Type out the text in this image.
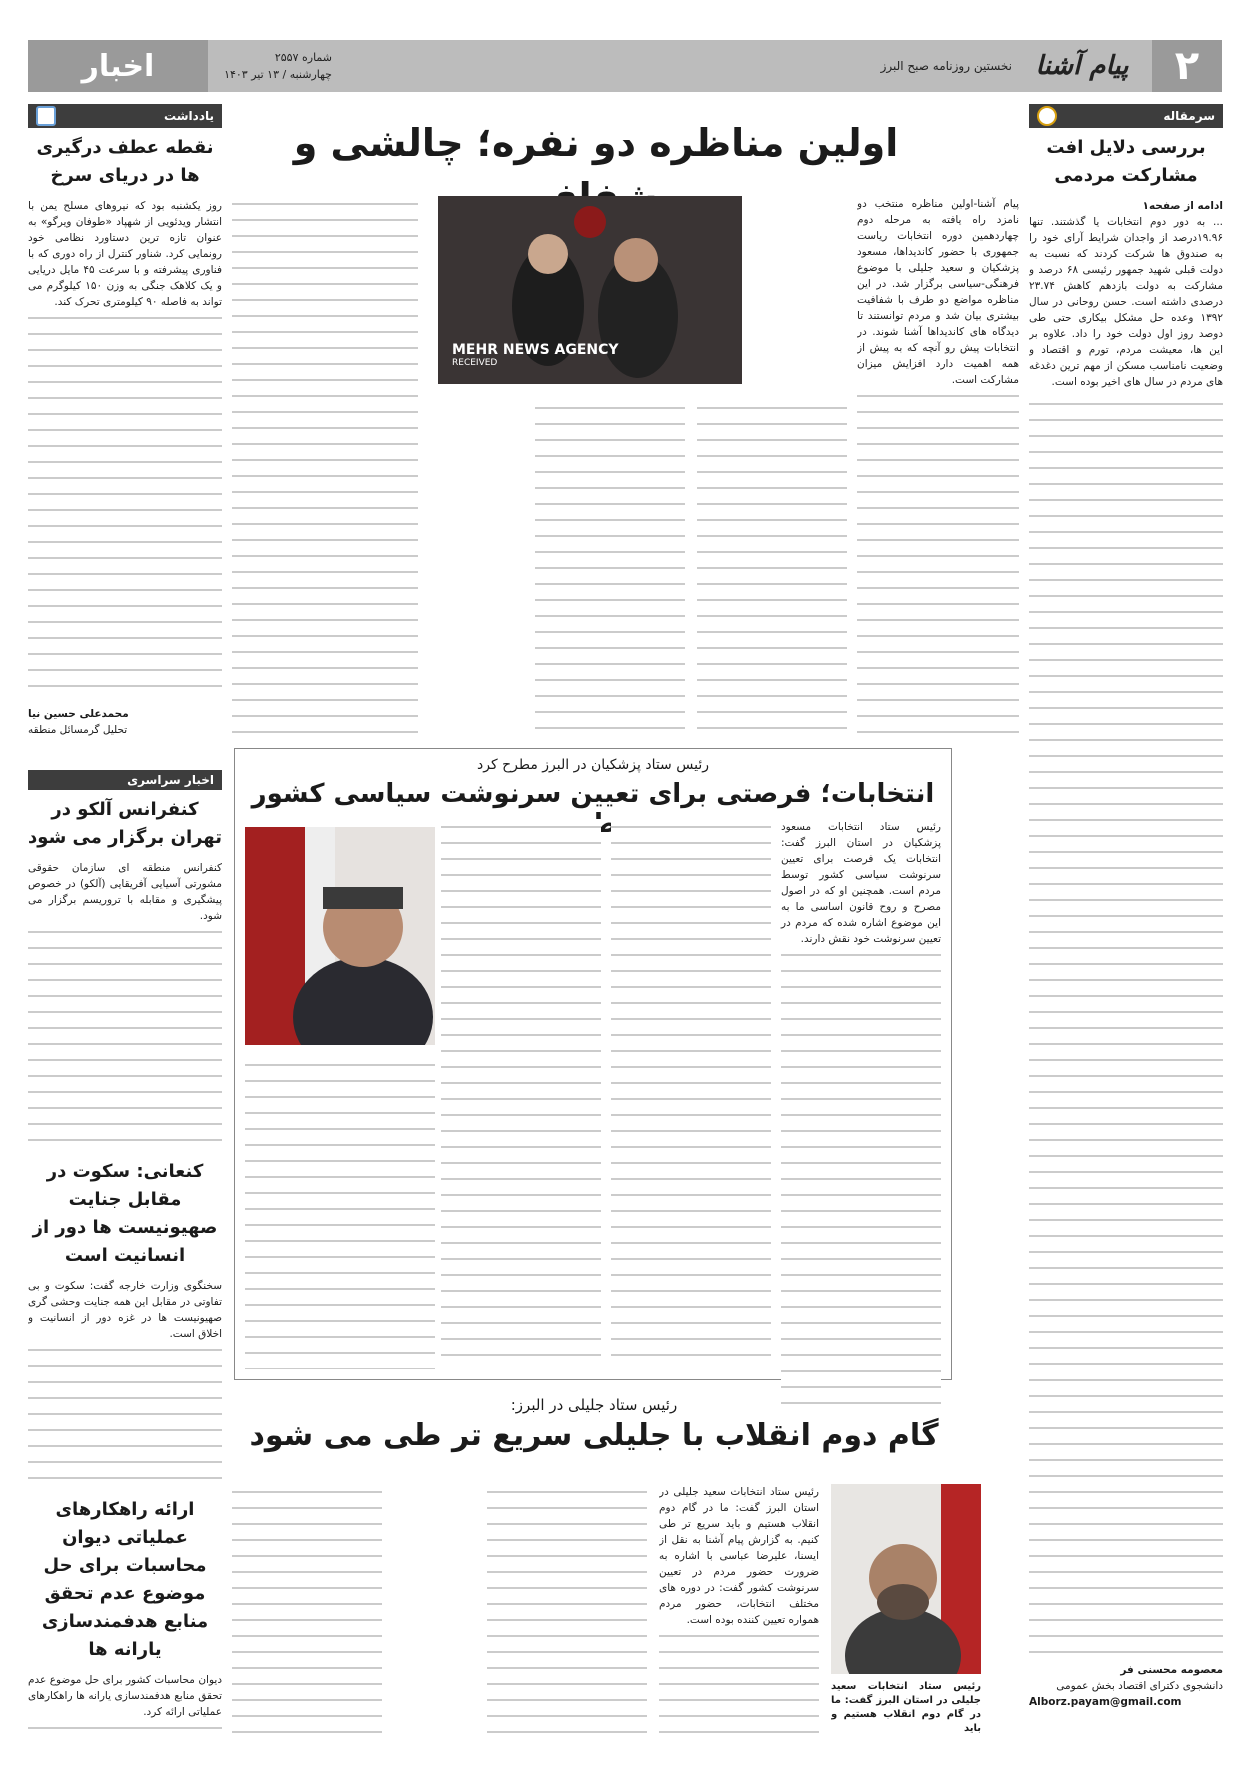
اخبار	شماره ۲۵۵۷
چهارشنبه / ۱۳ تیر ۱۴۰۳
نخستین روزنامه صبح البرز پیام آشنا	۲
سرمقاله
بررسی دلایل افت مشارکت مردمی
ادامه از صفحه۱
... به دور دوم انتخابات یا گذشتند. تنها ۱۹.۹۶درصد از واجدان شرایط آرای خود را به صندوق ها شرکت کردند که نسبت به دولت قبلی شهید جمهور رئیسی ۶۸ درصد و مشارکت به دولت بازدهم کاهش ۲۳.۷۴ درصدی داشته است. حسن روحانی در سال ۱۳۹۲ وعده حل مشکل بیکاری حتی طی دوصد روز اول دولت خود را داد. علاوه بر این ها، معیشت مردم، تورم و اقتصاد و وضعیت نامناسب مسکن از مهم ترین دغدغه های مردم در سال های اخیر بوده است.
معصومه محسنی فر
دانشجوی دکترای اقتصاد بخش عمومی
Alborz.payam@gmail.com
اولین مناظره دو نفره؛ چالشی و
MEHR NEWS AGENCY
RECEIVED
پیام آشنا-اولین مناظره منتخب دو نامزد راه یافته به مرحله دوم چهاردهمین دوره انتخابات ریاست جمهوری با حضور کاندیداها، مسعود پزشکیان و سعید جلیلی با موضوع فرهنگی-سیاسی برگزار شد. در این مناظره مواضع دو طرف با شفافیت بیشتری بیان شد و مردم توانستند تا دیدگاه های کاندیداها آشنا شوند. در انتخابات پیش رو آنچه که به پیش از همه اهمیت دارد افزایش میزان مشارکت است.
رئیس ستاد پزشکیان در البرز مطرح کرد
انتخابات؛ فرصتی برای تعیین سرنوشت سیاسی کشور
رئیس ستاد انتخابات مسعود پزشکیان در استان البرز گفت: انتخابات یک فرصت برای تعیین سرنوشت سیاسی کشور توسط مردم است. همچنین او که در اصول مصرح و روح قانون اساسی ما به این موضوع اشاره شده که مردم در تعیین سرنوشت خود نقش دارند.
رئیس ستاد جلیلی در البرز:
گام دوم انقلاب با جلیلی سریع تر طی می شود
رئیس ستاد انتخابات سعید جلیلی در استان البرز گفت: ما در گام دوم انقلاب هستیم و باید
رئیس ستاد انتخابات سعید جلیلی در استان البرز گفت: ما در گام دوم انقلاب هستیم و باید سریع تر طی کنیم. به گزارش پیام آشنا به نقل از ایسنا، علیرضا عباسی با اشاره به ضرورت حضور مردم در تعیین سرنوشت کشور گفت: در دوره های مختلف انتخابات، حضور مردم همواره تعیین کننده بوده است.
یادداشت
نقطه عطف درگیری ها در دریای سرخ
روز یکشنبه بود که نیروهای مسلح یمن با انتشار ویدئویی از شهپاد «طوفان ویرگو» به عنوان تازه ترین دستاورد نظامی خود رونمایی کرد. شناور کنترل از راه دوری که با فناوری پیشرفته و با سرعت ۴۵ مایل دریایی و یک کلاهک جنگی به وزن ۱۵۰ کیلوگرم می تواند به فاصله ۹۰ کیلومتری تحرک کند.
محمدعلی حسین نیا
تحلیل گرمسائل منطقه
اخبار سراسری
کنفرانس آلکو در تهران برگزار می شود
کنفرانس منطقه ای سازمان حقوقی مشورتی آسیایی آفریقایی (آلکو) در خصوص پیشگیری و مقابله با تروریسم برگزار می شود.
کنعانی: سکوت در مقابل جنایت صهیونیست ها دور از انسانیت است
سخنگوی وزارت خارجه گفت: سکوت و بی تفاوتی در مقابل این همه جنایت وحشی گری صهیونیست ها در غزه دور از انسانیت و اخلاق است.
ارائه راهکارهای عملیاتی دیوان محاسبات برای حل موضوع عدم تحقق منابع هدفمندسازی یارانه ها
دیوان محاسبات کشور برای حل موضوع عدم تحقق منابع هدفمندسازی یارانه ها راهکارهای عملیاتی ارائه کرد.
